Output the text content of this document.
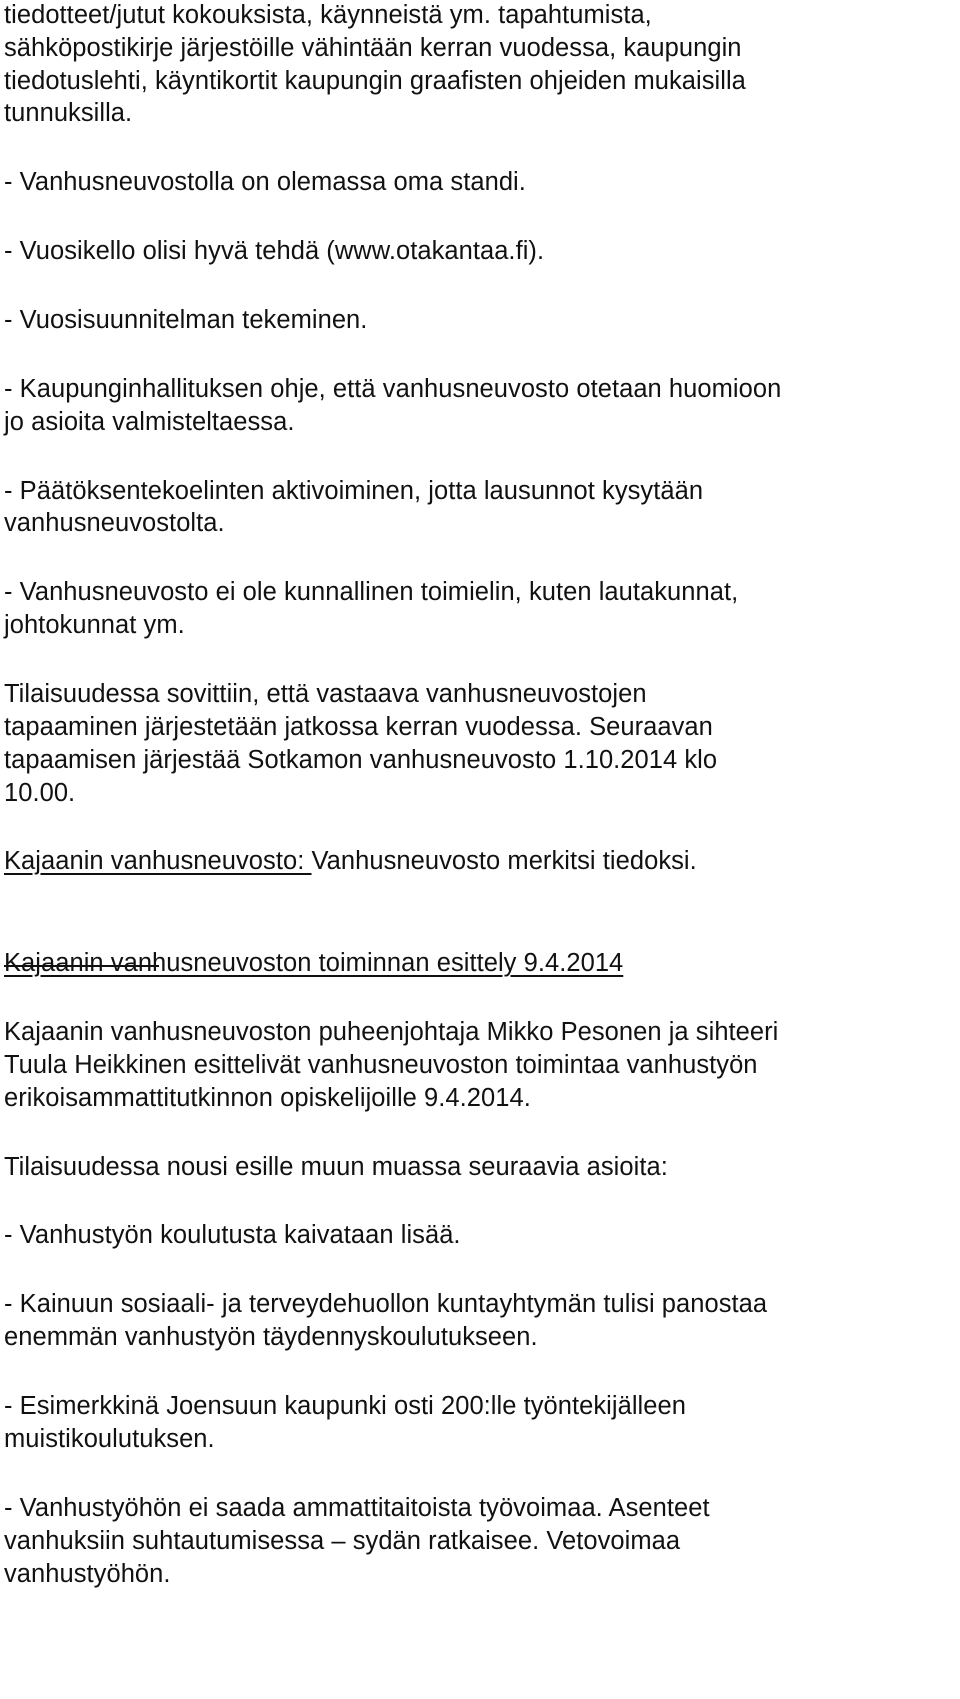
tiedotteet/jutut kokouksista, käynneistä ym. tapahtumista,
sähköpostikirje järjestöille vähintään kerran vuodessa, kaupungin
tiedotuslehti, käyntikortit kaupungin graafisten ohjeiden mukaisilla
tunnuksilla.
- Vanhusneuvostolla on olemassa oma standi.
- Vuosikello olisi hyvä tehdä (www.otakantaa.fi).
- Vuosisuunnitelman tekeminen.
- Kaupunginhallituksen ohje, että vanhusneuvosto otetaan huomioon
jo asioita valmisteltaessa.
- Päätöksentekoelinten aktivoiminen, jotta lausunnot kysytään
vanhusneuvostolta.
- Vanhusneuvosto ei ole kunnallinen toimielin, kuten lautakunnat,
johtokunnat ym.
Tilaisuudessa sovittiin, että vastaava vanhusneuvostojen
tapaaminen järjestetään jatkossa kerran vuodessa. Seuraavan
tapaamisen järjestää Sotkamon vanhusneuvosto 1.10.2014 klo
10.00.
Kajaanin vanhusneuvosto: Vanhusneuvosto merkitsi tiedoksi.
Kajaanin vanhusneuvoston toiminnan esittely 9.4.2014
Kajaanin vanhusneuvoston puheenjohtaja Mikko Pesonen ja sihteeri
Tuula Heikkinen esittelivät vanhusneuvoston toimintaa vanhustyön
erikoisammattitutkinnon opiskelijoille 9.4.2014.
Tilaisuudessa nousi esille muun muassa seuraavia asioita:
- Vanhustyön koulutusta kaivataan lisää.
- Kainuun sosiaali- ja terveydehuollon kuntayhtymän tulisi panostaa
enemmän vanhustyön täydennyskoulutukseen.
- Esimerkkinä Joensuun kaupunki osti 200:lle työntekijälleen
muistikoulutuksen.
- Vanhustyöhön ei saada ammattitaitoista työvoimaa. Asenteet
vanhuksiin suhtautumisessa – sydän ratkaisee. Vetovoimaa
vanhustyöhön.
